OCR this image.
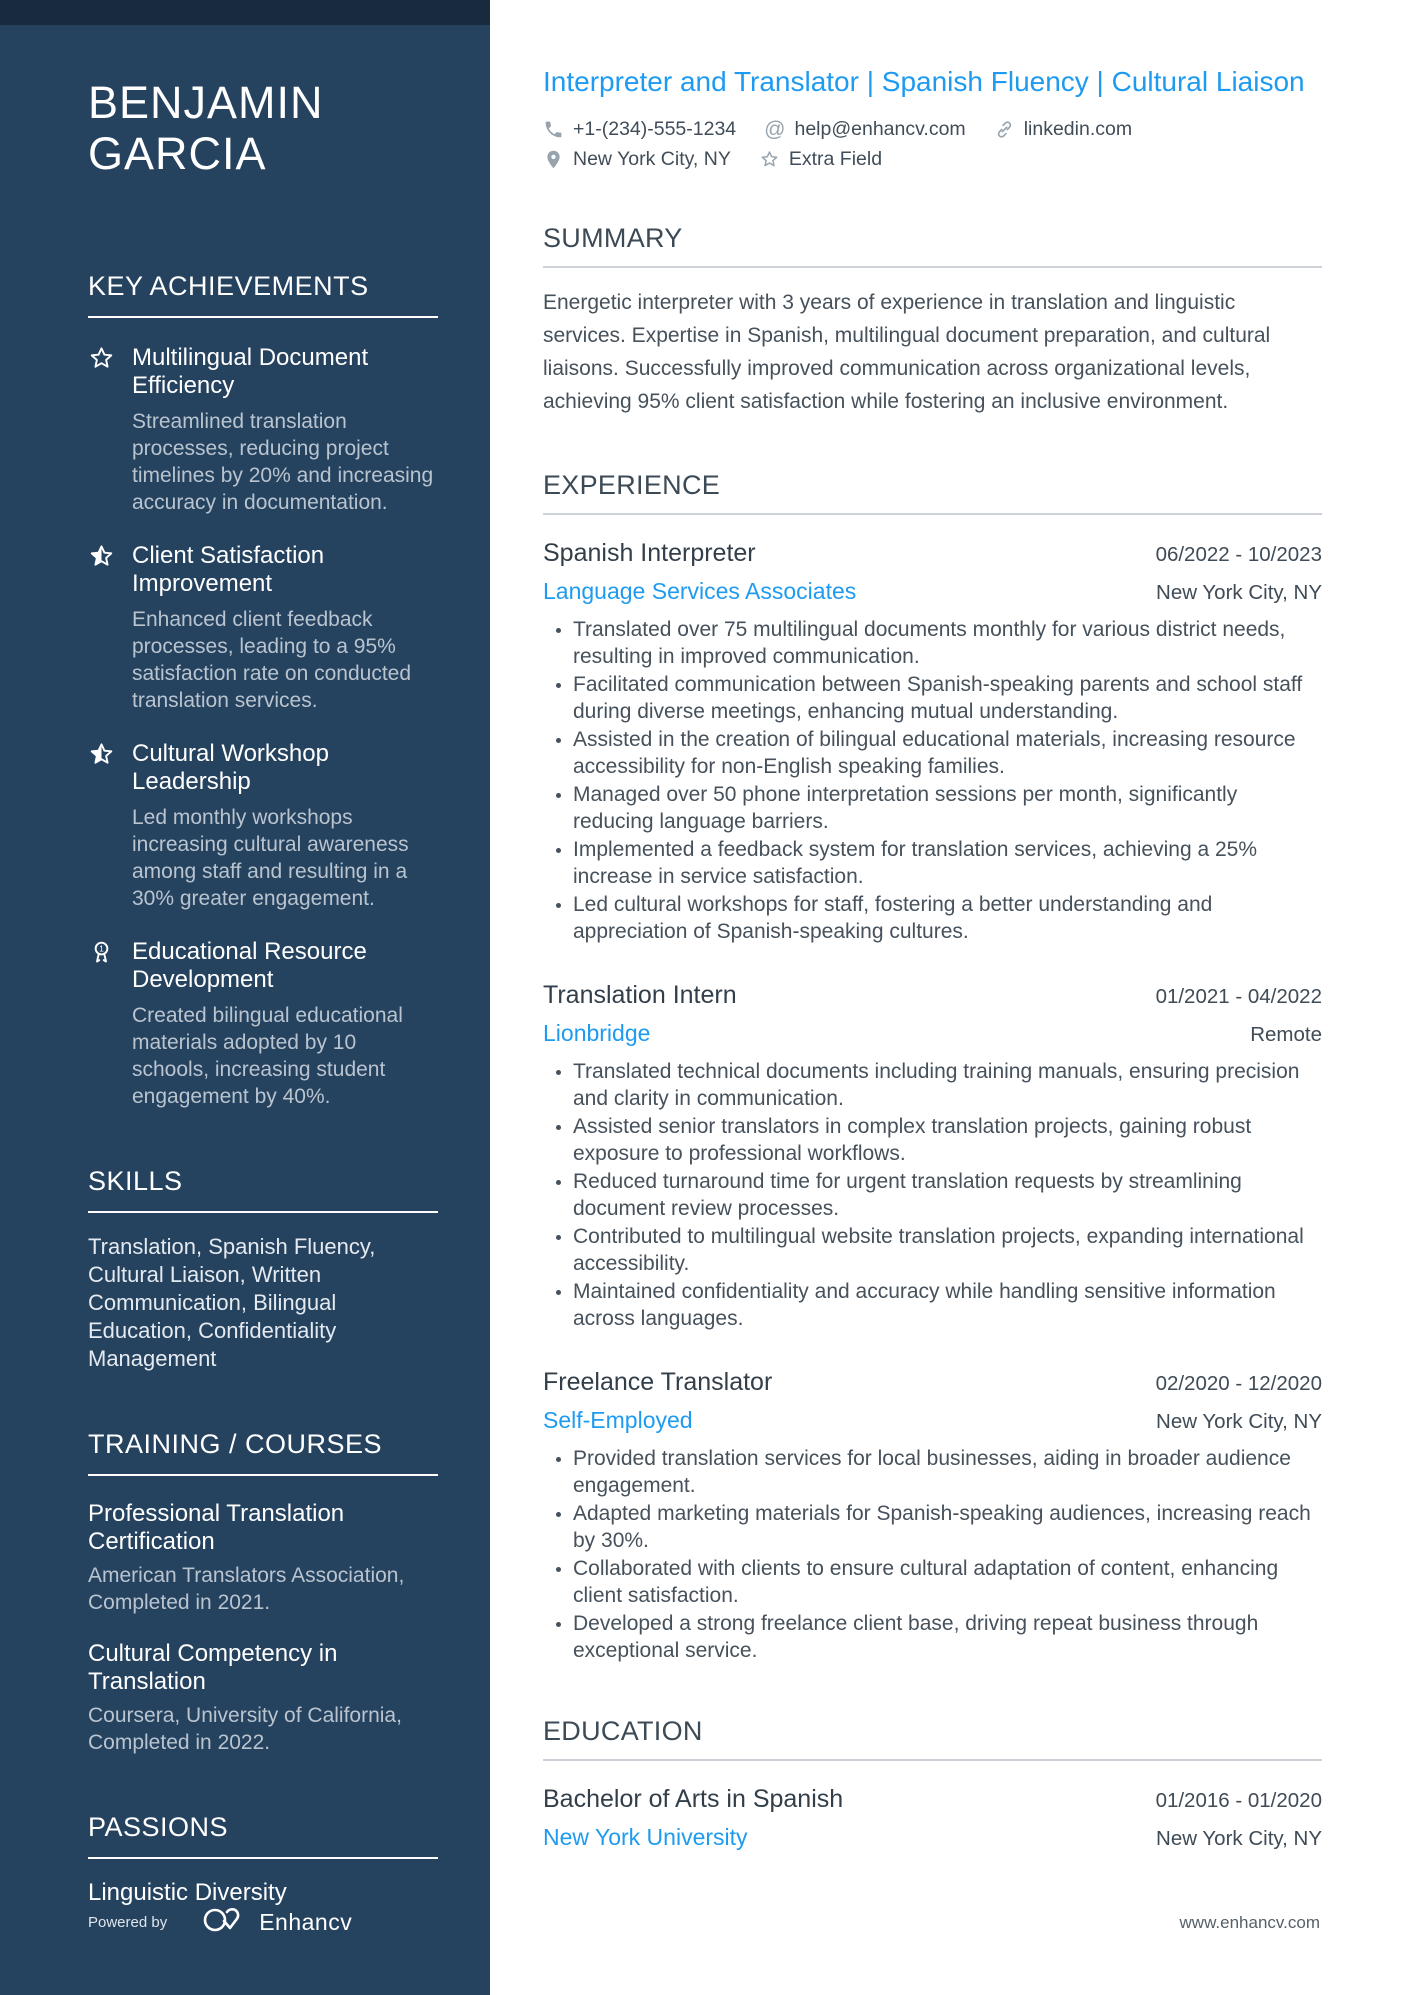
BENJAMIN GARCIA
KEY ACHIEVEMENTS
Multilingual Document Efficiency
Streamlined translation processes, reducing project timelines by 20% and increasing accuracy in documentation.
Client Satisfaction Improvement
Enhanced client feedback processes, leading to a 95% satisfaction rate on conducted translation services.
Cultural Workshop Leadership
Led monthly workshops increasing cultural awareness among staff and resulting in a 30% greater engagement.
1 Educational Resource Development
Created bilingual educational materials adopted by 10 schools, increasing student engagement by 40%.
SKILLS
Translation, Spanish Fluency, Cultural Liaison, Written Communication, Bilingual Education, Confidentiality Management
TRAINING / COURSES
Professional Translation Certification
American Translators Association, Completed in 2021.
Cultural Competency in Translation
Coursera, University of California, Completed in 2022.
PASSIONS
Linguistic Diversity
Powered by	Enhancv
Interpreter and Translator | Spanish Fluency | Cultural Liaison
+1-(234)-555-1234 @ help@enhancv.com	linkedin.com
New York City, NY	Extra Field
SUMMARY

Energetic interpreter with 3 years of experience in translation and linguistic services. Expertise in Spanish, multilingual document preparation, and cultural liaisons. Successfully improved communication across organizational levels, achieving 95% client satisfaction while fostering an inclusive environment.

EXPERIENCE
Spanish Interpreter	06/2022 - 10/2023
Language Services Associates	New York City, NY
Translated over 75 multilingual documents monthly for various district needs, resulting in improved communication.
Facilitated communication between Spanish-speaking parents and school staff during diverse meetings, enhancing mutual understanding.
Assisted in the creation of bilingual educational materials, increasing resource accessibility for non-English speaking families.
Managed over 50 phone interpretation sessions per month, significantly reducing language barriers.
Implemented a feedback system for translation services, achieving a 25% increase in service satisfaction.
Led cultural workshops for staff, fostering a better understanding and appreciation of Spanish-speaking cultures.
Translation Intern	01/2021 - 04/2022
Lionbridge	Remote
Translated technical documents including training manuals, ensuring precision and clarity in communication.
Assisted senior translators in complex translation projects, gaining robust exposure to professional workflows.
Reduced turnaround time for urgent translation requests by streamlining document review processes.
Contributed to multilingual website translation projects, expanding international accessibility.
Maintained confidentiality and accuracy while handling sensitive information across languages.
Freelance Translator	02/2020 - 12/2020
Self-Employed	New York City, NY
Provided translation services for local businesses, aiding in broader audience engagement.
Adapted marketing materials for Spanish-speaking audiences, increasing reach by 30%.
Collaborated with clients to ensure cultural adaptation of content, enhancing client satisfaction.
Developed a strong freelance client base, driving repeat business through exceptional service.
EDUCATION
Bachelor of Arts in Spanish	01/2016 - 01/2020
New York University	New York City, NY
www.enhancv.com
